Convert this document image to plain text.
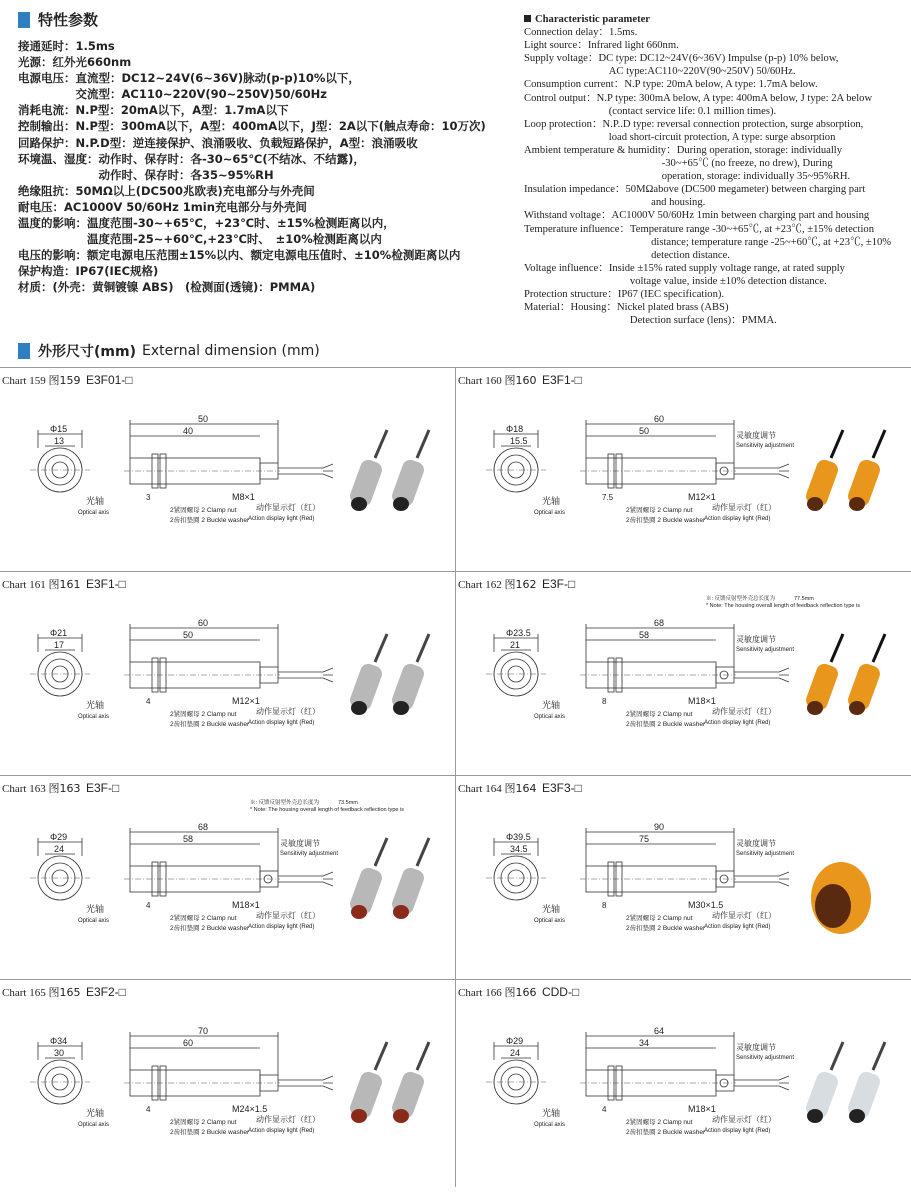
特性参数
接通延时：1.5ms
光源：红外光660nm
电源电压：直流型：DC12~24V(6~36V)脉动(p-p)10%以下，
　　　　　交流型：AC110~220V(90~250V)50/60Hz
消耗电流：N.P型：20mA以下，A型：1.7mA以下
控制输出：N.P型：300mA以下，A型：400mA以下，J型：2A以下(触点寿命：10万次)
回路保护：N.P.D型：逆连接保护、浪涌吸收、负载短路保护，A型：浪涌吸收
环境温、湿度：动作时、保存时：各-30~65℃(不结冰、不结露)，
　　　　　　　动作时、保存时：各35~95%RH
绝缘阻抗：50MΩ以上(DC500兆欧表)充电部分与外壳间
耐电压：AC1000V 50/60Hz 1min充电部分与外壳间
温度的影响：温度范围-30~+65℃，+23℃时、±15%检测距离以内，
　　　　　　温度范围-25~+60℃,+23℃时、　±10%检测距离以内
电压的影响：额定电源电压范围±15%以内、额定电源电压值时、±10%检测距离以内
保护构造：IP67(IEC规格)
材质：(外壳：黄铜镀镍 ABS)　(检测面(透镜)：PMMA)
Characteristic parameter
Connection delay：1.5ms.
Light source：Infrared light 660nm.
Supply voltage：DC type: DC12~24V(6~36V) Impulse (p-p) 10% below,
　　　　　　　　AC type:AC110~220V(90~250V) 50/60Hz.
Consumption current：N.P type: 20mA below, A type: 1.7mA below.
Control output：N.P type: 300mA below, A type: 400mA below, J type: 2A below
　　　　　　　　(contact service life: 0.1 million times).
Loop protection：N.P..D type: reversal connection protection, surge absorption,
　　　　　　　　load short-circuit protection, A type: surge absorption
Ambient temperature & humidity：During operation, storage: individually
　　　　　　　　　　　　　-30~+65℃ (no freeze, no drew), During
　　　　　　　　　　　　　operation, storage: individually 35~95%RH.
Insulation impedance：50MΩabove (DC500 megameter) between charging part
　　　　　　　　　　　　and housing.
Withstand voltage：AC1000V 50/60Hz 1min between charging part and housing
Temperature influence：Temperature range -30~+65℃, at +23℃, ±15% detection
　　　　　　　　　　　　distance; temperature range -25~+60℃, at +23℃, ±10%
　　　　　　　　　　　　detection distance.
Voltage influence：Inside ±15% rated supply voltage range, at rated supply
　　　　　　　　　　voltage value, inside ±10% detection distance.
Protection structure：IP67 (IEC specification).
Material：Housing：Nickel plated brass (ABS)
　　　　　　　　　　Detection surface (lens)：PMMA.
外形尺寸(mm) External dimension (mm)
Chart 159 图159 E3F01-□
Φ15
13
50
40
M8×1
3
光轴
Optical axis	2紧固螺母 2 Clamp nut
2齿扣垫圈 2 Buckle washer
动作显示灯（红）
Action display light (Red)
Chart 160 图160 E3F1-□
Φ18
15.5
60
50
M12×1
7.5
光轴
Optical axis	2紧固螺母 2 Clamp nut
2齿扣垫圈 2 Buckle washer
动作显示灯（红）
Action display light (Red)
灵敏度调节
Sensitivity adjustment
Chart 161 图161 E3F1-□
Φ21
17
60
50
M12×1
4
光轴
Optical axis	2紧固螺母 2 Clamp nut
2齿扣垫圈 2 Buckle washer
动作显示灯（红）
Action display light (Red)
Chart 162 图162 E3F-□
Φ23.5
21
68
58
M18×1
8
光轴
Optical axis	2紧固螺母 2 Clamp nut
2齿扣垫圈 2 Buckle washer
动作显示灯（红）
Action display light (Red)
灵敏度调节
Sensitivity adjustment
※: 反馈反射型外壳总长度为
* Note: The housing overall length of feedback reflection type is
77.5mm
Chart 163 图163 E3F-□
Φ29
24
68
58
M18×1
4
光轴
Optical axis	2紧固螺母 2 Clamp nut
2齿扣垫圈 2 Buckle washer
动作显示灯（红）
Action display light (Red)
灵敏度调节
Sensitivity adjustment
※: 反馈反射型外壳总长度为
* Note: The housing overall length of feedback reflection type is
73.5mm
Chart 164 图164 E3F3-□
Φ39.5
34.5
90
75
M30×1.5
8
光轴
Optical axis	2紧固螺母 2 Clamp nut
2齿扣垫圈 2 Buckle washer
动作显示灯（红）
Action display light (Red)
灵敏度调节
Sensitivity adjustment
Chart 165 图165 E3F2-□
Φ34
30
70
60
M24×1.5
4
光轴
Optical axis	2紧固螺母 2 Clamp nut
2齿扣垫圈 2 Buckle washer
动作显示灯（红）
Action display light (Red)
Chart 166 图166 CDD-□
Φ29
24
64
34
M18×1
4
光轴
Optical axis	2紧固螺母 2 Clamp nut
2齿扣垫圈 2 Buckle washer
动作显示灯（红）
Action display light (Red)
灵敏度调节
Sensitivity adjustment
